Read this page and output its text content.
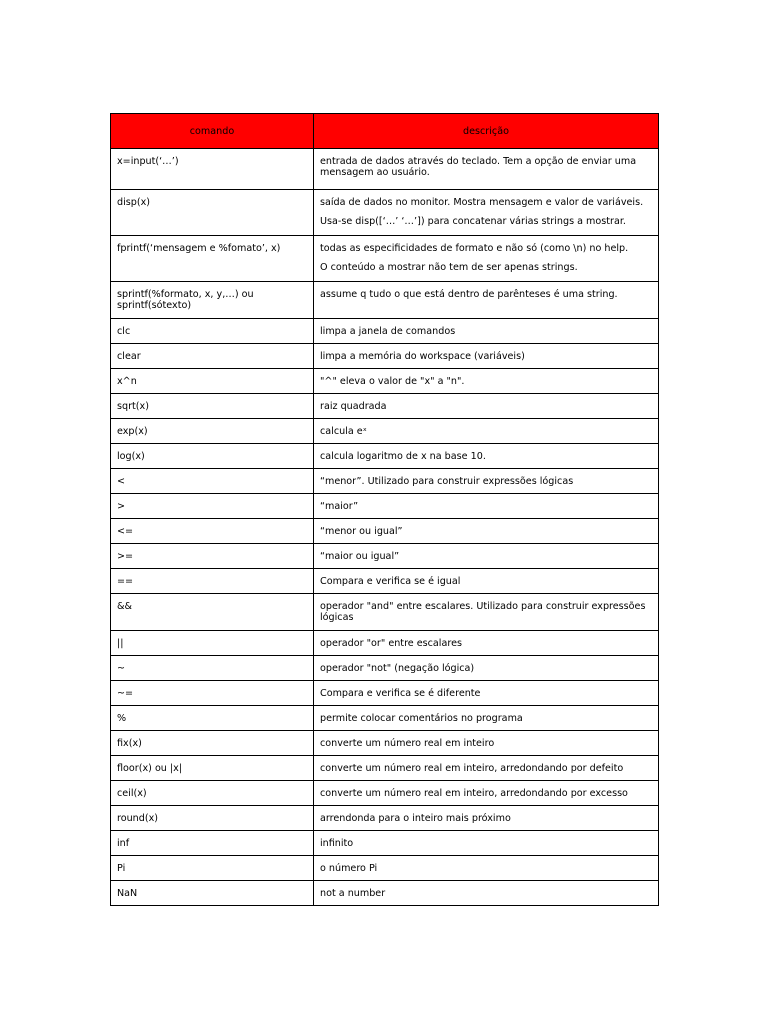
comando	descrição

x=input(‘…’)	entrada de dados através do teclado. Tem a opção de enviar uma mensagem ao usuário.

disp(x)	saída de dados no monitor. Mostra mensagem e valor de variáveis.

Usa-se disp([‘…’ ‘…’]) para concatenar várias strings a mostrar.

fprintf(‘mensagem e %fomato’, x)	todas as especificidades de formato e não só (como \n) no help.

O conteúdo a mostrar não tem de ser apenas strings.

sprintf(%formato, x, y,…) ou
sprintf(sótexto)	assume q tudo o que está dentro de parênteses é uma string.

clc	limpa a janela de comandos

clear	limpa a memória do workspace (variáveis)

x^n	"^" eleva o valor de "x" a "n".

sqrt(x)	raiz quadrada

exp(x)	calcula eˣ

log(x)	calcula logaritmo de x na base 10.

<	“menor”. Utilizado para construir expressões lógicas

>	“maior”

<=	“menor ou igual”

>=	“maior ou igual”

==	Compara e verifica se é igual

&&	operador "and" entre escalares. Utilizado para construir expressões lógicas

||	operador "or" entre escalares

~	operador "not" (negação lógica)

~=	Compara e verifica se é diferente

%	permite colocar comentários no programa

fix(x)	converte um número real em inteiro

floor(x) ou |x|	converte um número real em inteiro, arredondando por defeito

ceil(x)	converte um número real em inteiro, arredondando por excesso

round(x)	arrendonda para o inteiro mais próximo

inf	infinito

Pi	o número Pi

NaN	not a number
